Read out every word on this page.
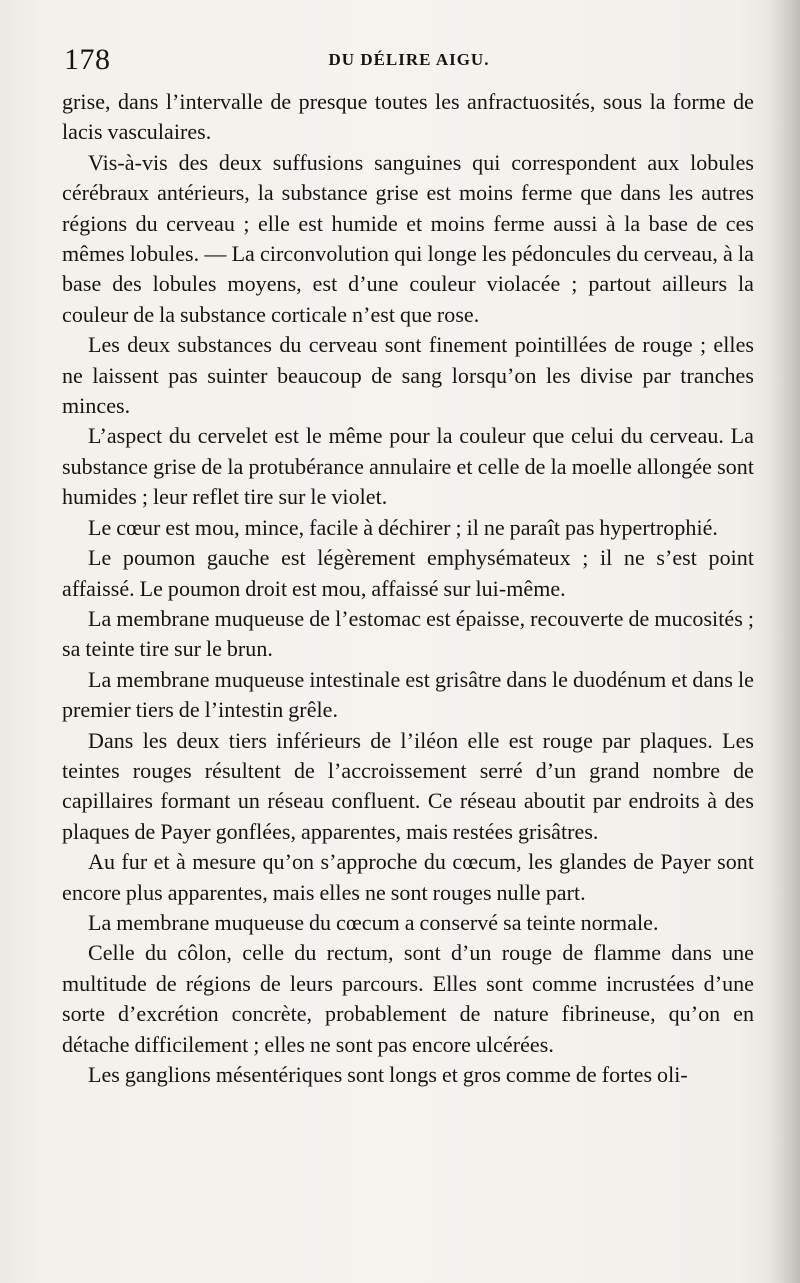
178	DU DÉLIRE AIGU.

grise, dans l’intervalle de presque toutes les anfractuosités, sous la forme de lacis vasculaires.

Vis-à-vis des deux suffusions sanguines qui correspondent aux lobules cérébraux antérieurs, la substance grise est moins ferme que dans les autres régions du cerveau ; elle est humide et moins ferme aussi à la base de ces mêmes lobules. — La circonvolution qui longe les pédoncules du cerveau, à la base des lobules moyens, est d’une couleur violacée ; partout ailleurs la couleur de la substance corticale n’est que rose.

Les deux substances du cerveau sont finement pointillées de rouge ; elles ne laissent pas suinter beaucoup de sang lorsqu’on les divise par tranches minces.

L’aspect du cervelet est le même pour la couleur que celui du cerveau. La substance grise de la protubérance annulaire et celle de la moelle allongée sont humides ; leur reflet tire sur le violet.

Le cœur est mou, mince, facile à déchirer ; il ne paraît pas hypertrophié.

Le poumon gauche est légèrement emphysémateux ; il ne s’est point affaissé. Le poumon droit est mou, affaissé sur lui-même.

La membrane muqueuse de l’estomac est épaisse, recouverte de mucosités ; sa teinte tire sur le brun.

La membrane muqueuse intestinale est grisâtre dans le duodénum et dans le premier tiers de l’intestin grêle.

Dans les deux tiers inférieurs de l’iléon elle est rouge par plaques. Les teintes rouges résultent de l’accroissement serré d’un grand nombre de capillaires formant un réseau confluent. Ce réseau aboutit par endroits à des plaques de Payer gonflées, apparentes, mais restées grisâtres.

Au fur et à mesure qu’on s’approche du cœcum, les glandes de Payer sont encore plus apparentes, mais elles ne sont rouges nulle part.

La membrane muqueuse du cœcum a conservé sa teinte normale.

Celle du côlon, celle du rectum, sont d’un rouge de flamme dans une multitude de régions de leurs parcours. Elles sont comme incrustées d’une sorte d’excrétion concrète, probablement de nature fibrineuse, qu’on en détache difficilement ; elles ne sont pas encore ulcérées.

Les ganglions mésentériques sont longs et gros comme de fortes oli-
